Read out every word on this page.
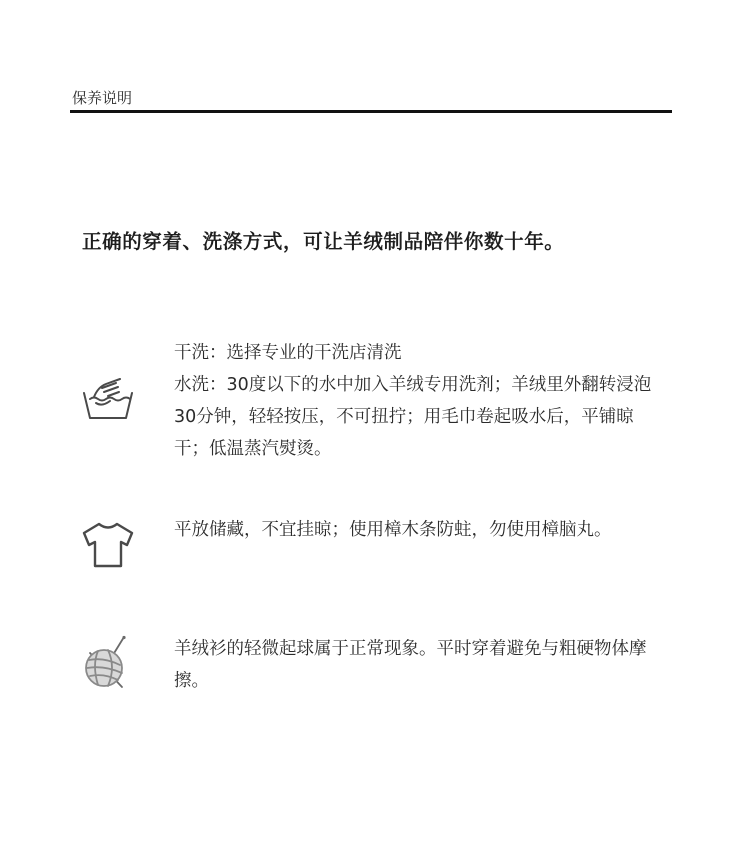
保养说明
正确的穿着、洗涤方式，可让羊绒制品陪伴你数十年。

干洗：选择专业的干洗店清洗

水洗：30度以下的水中加入羊绒专用洗剂；羊绒里外翻转浸泡30分钟，轻轻按压，不可扭拧；用毛巾卷起吸水后，平铺晾干；低温蒸汽熨烫。

平放储藏，不宜挂晾；使用樟木条防蛀，勿使用樟脑丸。

羊绒衫的轻微起球属于正常现象。平时穿着避免与粗硬物体摩擦。
